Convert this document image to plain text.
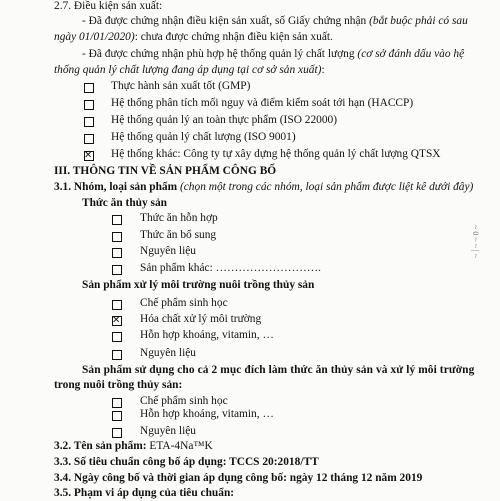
2.7. Điều kiện sản xuất:
- Đã được chứng nhận điều kiện sản xuất, số Giấy chứng nhận (bắt buộc phải có sau
ngày 01/01/2020): chưa được chứng nhận điều kiện sản xuất.
- Đã được chứng nhận phù hợp hệ thống quản lý chất lượng (cơ sở đánh dấu vào hệ
thống quản lý chất lượng đang áp dụng tại cơ sở sản xuất):
Thực hành sản xuất tốt (GMP)
Hệ thống phân tích mối nguy và điểm kiểm soát tới hạn (HACCP)
Hệ thống quản lý an toàn thực phẩm (ISO 22000)
Hệ thống quản lý chất lượng (ISO 9001)
✕
Hệ thống khác: Công ty tự xây dựng hệ thống quản lý chất lượng QTSX
III. THÔNG TIN VỀ SẢN PHẨM CÔNG BỐ
3.1. Nhóm, loại sản phẩm (chọn một trong các nhóm, loại sản phẩm được liệt kê dưới đây)
Thức ăn thủy sản
Thức ăn hỗn hợp
Thức ăn bổ sung
Nguyên liệu
Sản phẩm khác: ……………………….
Sản phẩm xử lý môi trường nuôi trồng thủy sản
Chế phẩm sinh học
✕
Hóa chất xử lý môi trường
Hỗn hợp khoáng, vitamin, …
Nguyên liệu
Sản phẩm sử dụng cho cả 2 mục đích làm thức ăn thủy sản và xử lý môi trường
trong nuôi trồng thủy sản:
Chế phẩm sinh học
Hỗn hợp khoáng, vitamin, …
Nguyên liệu
3.2. Tên sản phẩm: ETA-4Na™K
3.3. Số tiêu chuẩn công bố áp dụng: TCCS 20:2018/TT
3.4. Ngày công bố và thời gian áp dụng công bố: ngày 12 tháng 12 năm 2019
3.5. Phạm vi áp dụng của tiêu chuẩn:
~ 0 ~ ~ | ~
